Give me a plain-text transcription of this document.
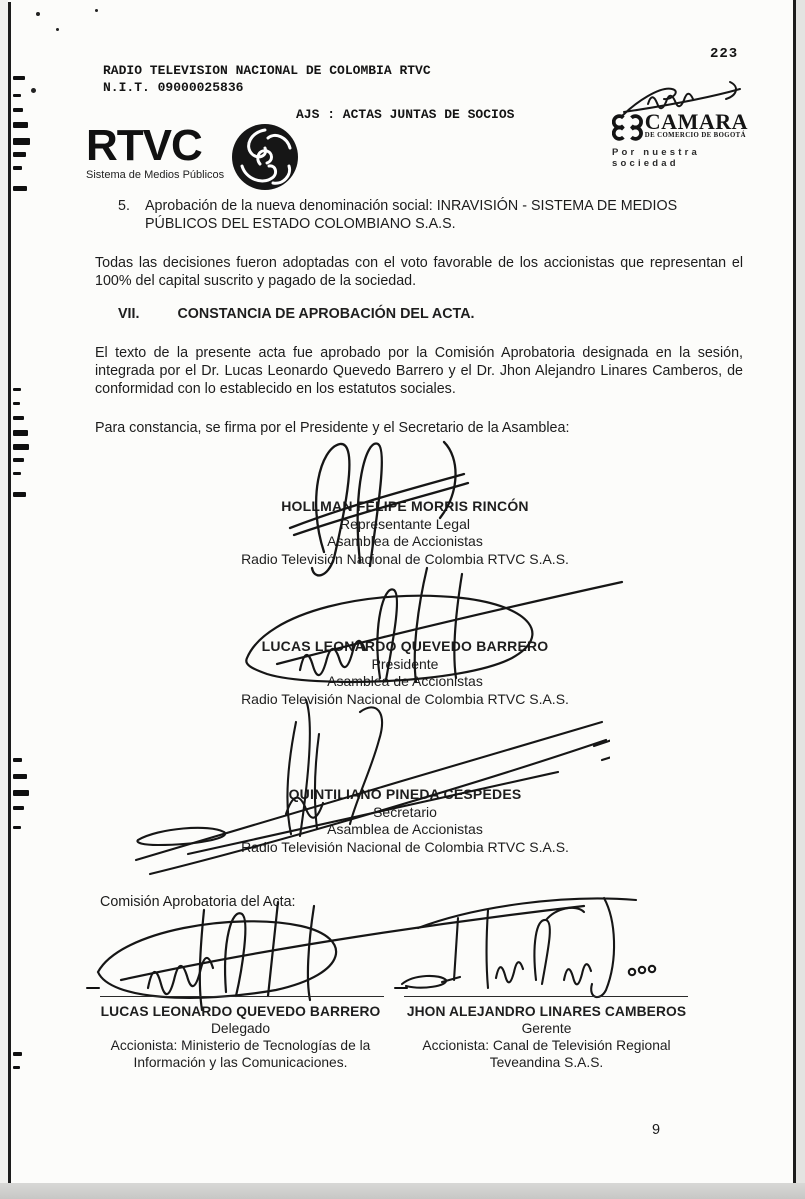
223
RADIO TELEVISION NACIONAL DE COLOMBIA RTVC
N.I.T. 09000025836
AJS : ACTAS JUNTAS DE SOCIOS	CAMARA
DE COMERCIO DE BOGOTÁ
Por nuestra sociedad
RTVC
Sistema de Medios Públicos
5.	Aprobación de la nueva denominación social: INRAVISIÓN - SISTEMA DE MEDIOS PÚBLICOS DEL ESTADO COLOMBIANO S.A.S.
Todas las decisiones fueron adoptadas con el voto favorable de los accionistas que representan el 100% del capital suscrito y pagado de la sociedad.
VII.	CONSTANCIA DE APROBACIÓN DEL ACTA.
El texto de la presente acta fue aprobado por la Comisión Aprobatoria designada en la sesión, integrada por el Dr. Lucas Leonardo Quevedo Barrero y el Dr. Jhon Alejandro Linares Camberos, de conformidad con lo establecido en los estatutos sociales.
Para constancia, se firma por el Presidente y el Secretario de la Asamblea:
HOLLMAN FELIPE MORRIS RINCÓN
Representante Legal
Asamblea de Accionistas
Radio Televisión Nacional de Colombia RTVC S.A.S.
LUCAS LEONARDO QUEVEDO BARRERO
Presidente
Asamblea de Accionistas
Radio Televisión Nacional de Colombia RTVC S.A.S.
QUINTILIANO PINEDA CÉSPEDES
Secretario
Asamblea de Accionistas
Radio Televisión Nacional de Colombia RTVC S.A.S.
Comisión Aprobatoria del Acta:
LUCAS LEONARDO QUEVEDO BARRERO
Delegado
Accionista: Ministerio de Tecnologías de la
Información y las Comunicaciones.
JHON ALEJANDRO LINARES CAMBEROS
Gerente
Accionista: Canal de Televisión Regional
Teveandina S.A.S.
9
